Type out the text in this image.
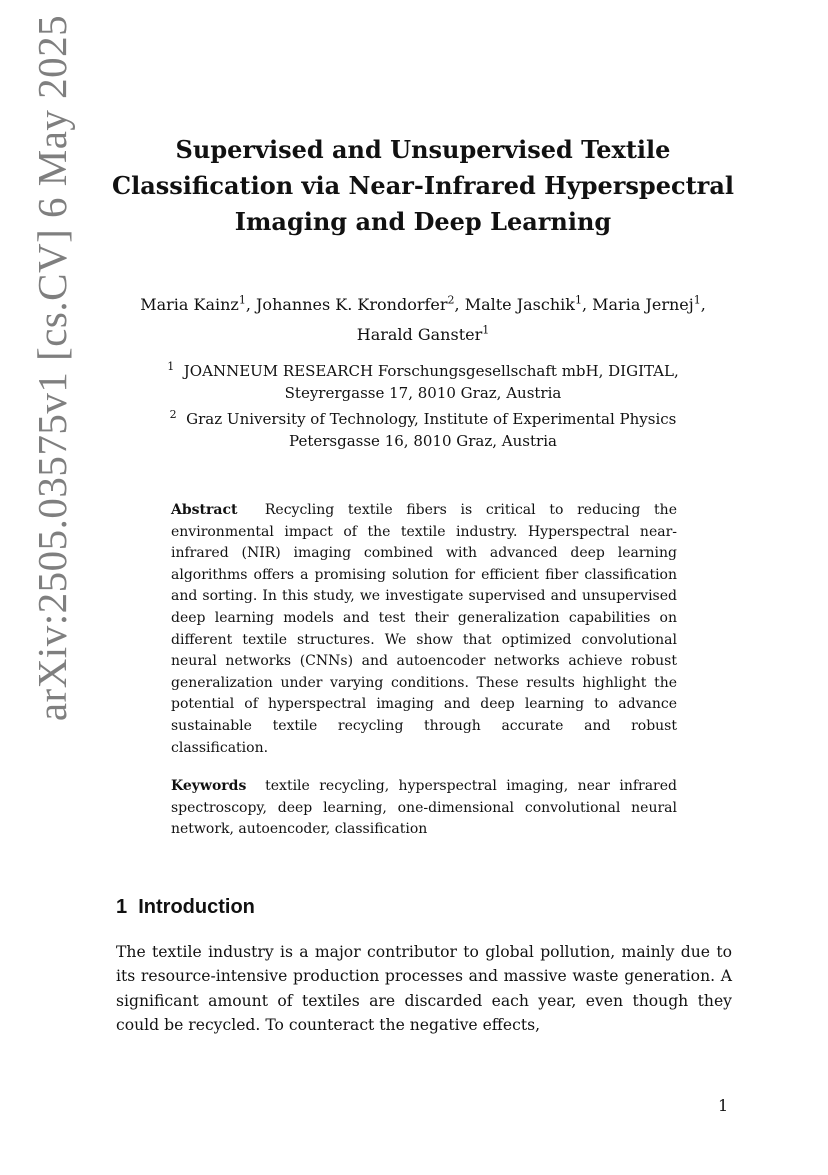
arXiv:2505.03575v1 [cs.CV] 6 May 2025	Supervised and Unsupervised Textile Classification via Near-Infrared Hyperspectral Imaging and Deep Learning
Maria Kainz$^1$, Johannes K. Krondorfer$^2$, Malte Jaschik$^1$, Maria Jernej$^1$,
Harald Ganster$^1$
$^1$ JOANNEUM RESEARCH Forschungsgesellschaft mbH, DIGITAL,
Steyrergasse 17, 8010 Graz, Austria
$^2$ Graz University of Technology, Institute of Experimental Physics
Petersgasse 16, 8010 Graz, Austria

Abstract Recycling textile fibers is critical to reducing the environmental impact of the textile industry. Hyperspectral near-infrared (NIR) imaging combined with advanced deep learning algorithms offers a promising solution for efficient fiber classification and sorting. In this study, we investigate supervised and unsupervised deep learning models and test their generalization capabilities on different textile structures. We show that optimized convolutional neural networks (CNNs) and autoencoder networks achieve robust generalization under varying conditions. These results highlight the potential of hyperspectral imaging and deep learning to advance sustainable textile recycling through accurate and robust classification.

Keywords textile recycling, hyperspectral imaging, near infrared spectroscopy, deep learning, one-dimensional convolutional neural network, autoencoder, classification

1 Introduction

The textile industry is a major contributor to global pollution, mainly due to its resource-intensive production processes and massive waste generation. A significant amount of textiles are discarded each year, even though they could be recycled. To counteract the negative effects,

1
